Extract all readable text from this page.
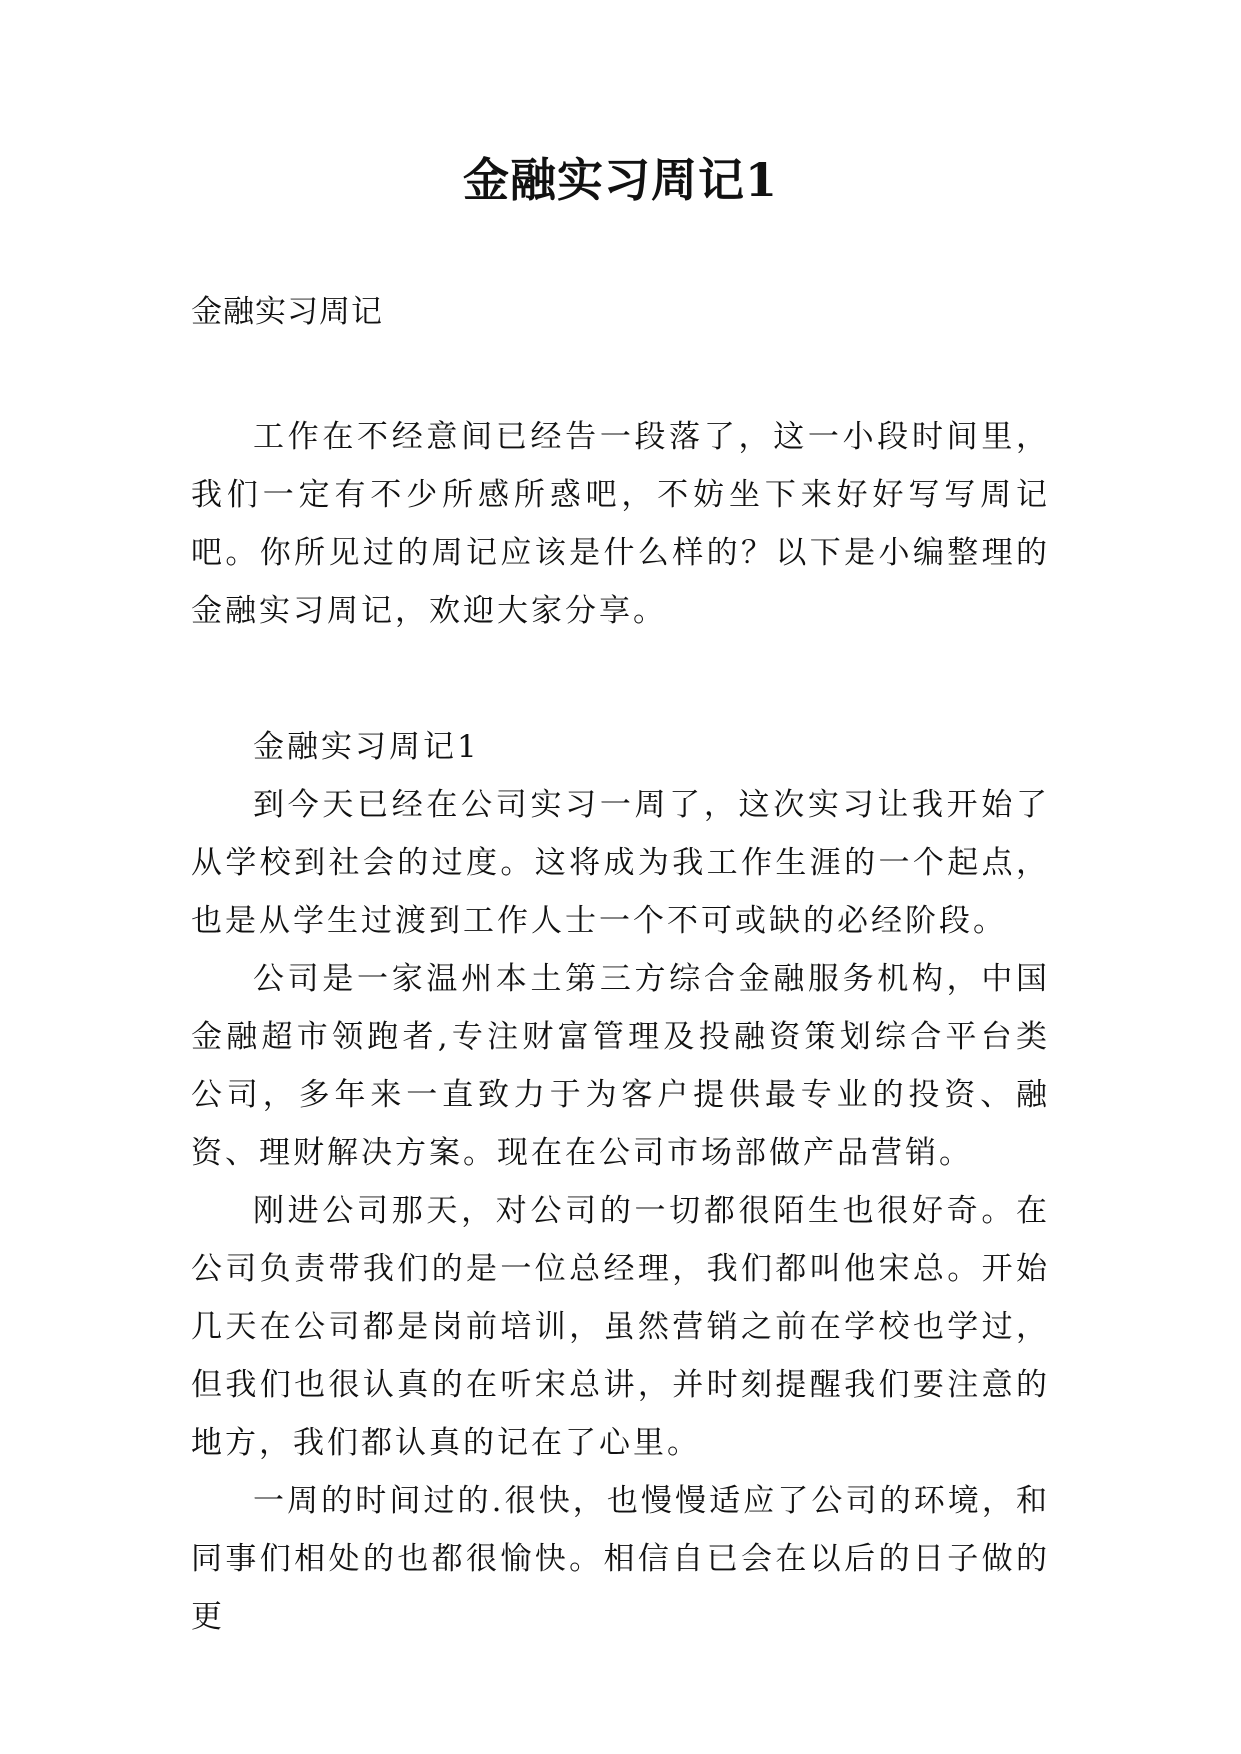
金融实习周记1

金融实习周记

工作在不经意间已经告一段落了，这一小段时间里，我们一定有不少所感所惑吧，不妨坐下来好好写写周记吧。你所见过的周记应该是什么样的？以下是小编整理的金融实习周记，欢迎大家分享。

金融实习周记1

到今天已经在公司实习一周了，这次实习让我开始了从学校到社会的过度。这将成为我工作生涯的一个起点，也是从学生过渡到工作人士一个不可或缺的必经阶段。

公司是一家温州本土第三方综合金融服务机构，中国金融超市领跑者,专注财富管理及投融资策划综合平台类公司，多年来一直致力于为客户提供最专业的投资、融资、理财解决方案。现在在公司市场部做产品营销。

刚进公司那天，对公司的一切都很陌生也很好奇。在公司负责带我们的是一位总经理，我们都叫他宋总。开始几天在公司都是岗前培训，虽然营销之前在学校也学过，但我们也很认真的在听宋总讲，并时刻提醒我们要注意的地方，我们都认真的记在了心里。

一周的时间过的.很快，也慢慢适应了公司的环境，和同事们相处的也都很愉快。相信自已会在以后的日子做的更
